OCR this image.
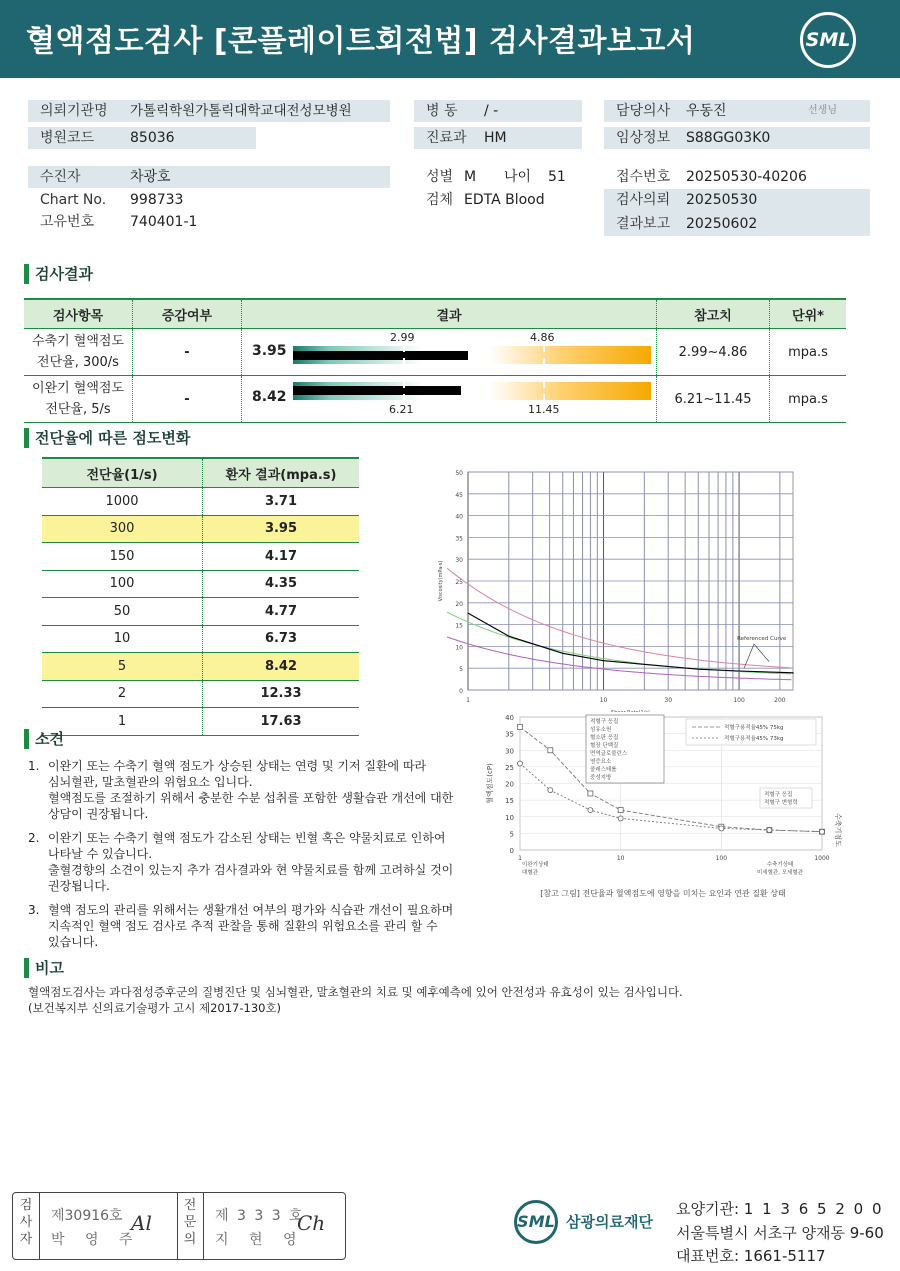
혈액점도검사 [콘플레이트회전법] 검사결과보고서	SML
의뢰기관명 가톨릭학원가톨릭대학교대전성모병원
병원코드	85036
병 동 / -
진료과 HM
담당의사 우동진	선생님
임상정보 S88GG03K0
수진자	차광호
Chart No. 998733
고유번호	740401-1
성별 M 나이 51
검체 EDTA Blood
접수번호 20250530-40206
검사의뢰 20250530
결과보고 20250602
검사결과
검사항목	증감여부	결과	참고치	단위*
수축기 혈액점도
전단율, 300/s	-	3.95
2.99 4.86	2.99~4.86	mpa.s
이완기 혈액점도
전단율, 5/s	-	8.42
6.21 11.45	6.21~11.45	mpa.s
전단율에 따른 점도변화
전단율(1/s)	환자 결과(mpa.s)
1000	3.71
300	3.95
150	4.17
100	4.35
50	4.77
10	6.73
5	8.42
2	12.33
1	17.63
0
5
10
15
20
25
30
35
40
45
50
1	10	30	100	200
Viscosity(mPa·s)
Referenced Curve
0
5
10
15
20
25
30
35
40
1	10	100	1000
혈액점도(cP)
수축기점도
적혈구 응집
섬유소원
혈소판 응집
혈장 단백질
면역글로불린스
염증요소
콜레스테롤
중성지방
적혈구용적율45% 75kg
적혈구용적율45% 73kg
적혈구 응집
적혈구 변형력
이완기상태
대혈관
수축기상태
미세혈관, 모세혈관
[참고 그림] 전단율과 혈액점도에 영향을 미치는 요인과 연관 질환 상태
소견
1. 이완기 또는 수축기 혈액 점도가 상승된 상태는 연령 및 기저 질환에 따라
심뇌혈관, 말초혈관의 위험요소 입니다.
혈액점도를 조절하기 위해서 충분한 수분 섭취를 포함한 생활습관 개선에 대한
상담이 권장됩니다.
2. 이완기 또는 수축기 혈액 점도가 감소된 상태는 빈혈 혹은 약물치료로 인하여
나타날 수 있습니다.
출혈경향의 소견이 있는지 추가 검사결과와 현 약물치료를 함께 고려하실 것이
권장됩니다.
3. 혈액 점도의 관리를 위해서는 생활개선 여부의 평가와 식습관 개선이 필요하며
지속적인 혈액 점도 검사로 추적 관찰을 통해 질환의 위험요소를 관리 할 수
있습니다.
비고
혈액점도검사는 과다점성증후군의 질병진단 및 심뇌혈관, 말초혈관의 치료 및 예후예측에 있어 안전성과 유효성이 있는 검사입니다.
(보건복지부 신의료기술평가 고시 제2017-130호)
검
사
자
제30916호
박 영 주
Al
전
문
의
제 3 3 3 호
지 현 영
Ch	SML 삼광의료재단
요양기관: 1 1 3 6 5 2 0 0
서울특별시 서초구 양재동 9-60
대표번호: 1661-5117
